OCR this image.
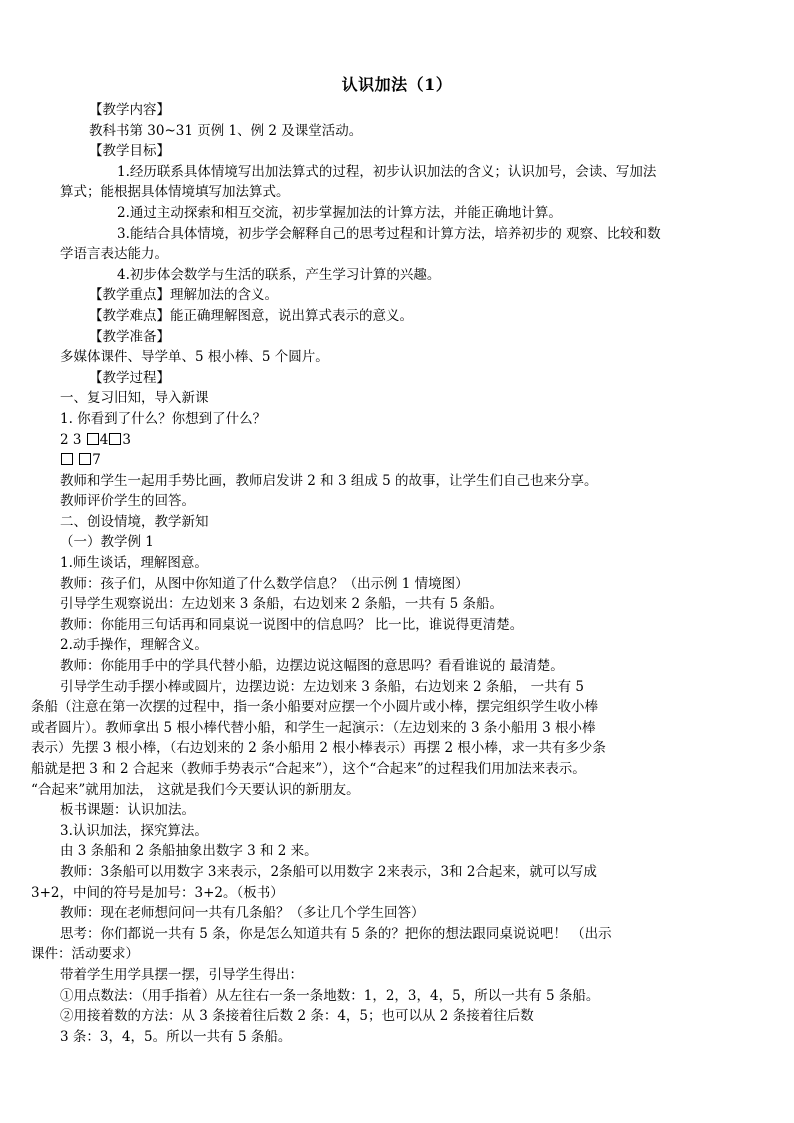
认识加法（1）
【教学内容】
教科书第 30~31 页例 1、例 2 及课堂活动。
【教学目标】
1.经历联系具体情境写出加法算式的过程，初步认识加法的含义；认识加号，会读、写加法
算式；能根据具体情境填写加法算式。
2.通过主动探索和相互交流，初步掌握加法的计算方法，并能正确地计算。
3.能结合具体情境，初步学会解释自己的思考过程和计算方法，培养初步的 观察、比较和数
学语言表达能力。
4.初步体会数学与生活的联系，产生学习计算的兴趣。
【教学重点】理解加法的含义。
【教学难点】能正确理解图意，说出算式表示的意义。
【教学准备】
多媒体课件、导学单、5 根小棒、5 个圆片。
【教学过程】
一、复习旧知，导入新课
1. 你看到了什么？你想到了什么？
2 3 4 3
7
教师和学生一起用手势比画，教师启发讲 2 和 3 组成 5 的故事，让学生们自己也来分享。
教师评价学生的回答。
二、创设情境，教学新知
（一）教学例 1
1.师生谈话，理解图意。
教师：孩子们，从图中你知道了什么数学信息？（出示例 1 情境图）
引导学生观察说出：左边划来 3 条船，右边划来 2 条船，一共有 5 条船。
教师：你能用三句话再和同桌说一说图中的信息吗？ 比一比，谁说得更清楚。
2.动手操作，理解含义。
教师：你能用手中的学具代替小船，边摆边说这幅图的意思吗？看看谁说的 最清楚。
引导学生动手摆小棒或圆片，边摆边说：左边划来 3 条船，右边划来 2 条船， 一共有 5
条船（注意在第一次摆的过程中，指一条小船要对应摆一个小圆片或小棒，摆完组织学生收小棒
或者圆片）。教师拿出 5 根小棒代替小船，和学生一起演示：（左边划来的 3 条小船用 3 根小棒
表示）先摆 3 根小棒，（右边划来的 2 条小船用 2 根小棒表示）再摆 2 根小棒，求一共有多少条
船就是把 3 和 2 合起来（教师手势表示“合起来”），这个“合起来”的过程我们用加法来表示。
“合起来”就用加法， 这就是我们今天要认识的新朋友。
板书课题：认识加法。
3.认识加法，探究算法。
由 3 条船和 2 条船抽象出数字 3 和 2 来。
教师：3条船可以用数字 3来表示，2条船可以用数字 2来表示，3和 2合起来，就可以写成
3+2，中间的符号是加号：3+2。（板书）
教师：现在老师想问问一共有几条船？（多让几个学生回答）
思考：你们都说一共有 5 条，你是怎么知道共有 5 条的？把你的想法跟同桌说说吧！ （出示
课件：活动要求）
带着学生用学具摆一摆，引导学生得出：
①用点数法：（用手指着）从左往右一条一条地数：1，2，3，4，5，所以一共有 5 条船。
②用接着数的方法：从 3 条接着往后数 2 条：4，5；也可以从 2 条接着往后数
3 条：3，4，5。所以一共有 5 条船。
